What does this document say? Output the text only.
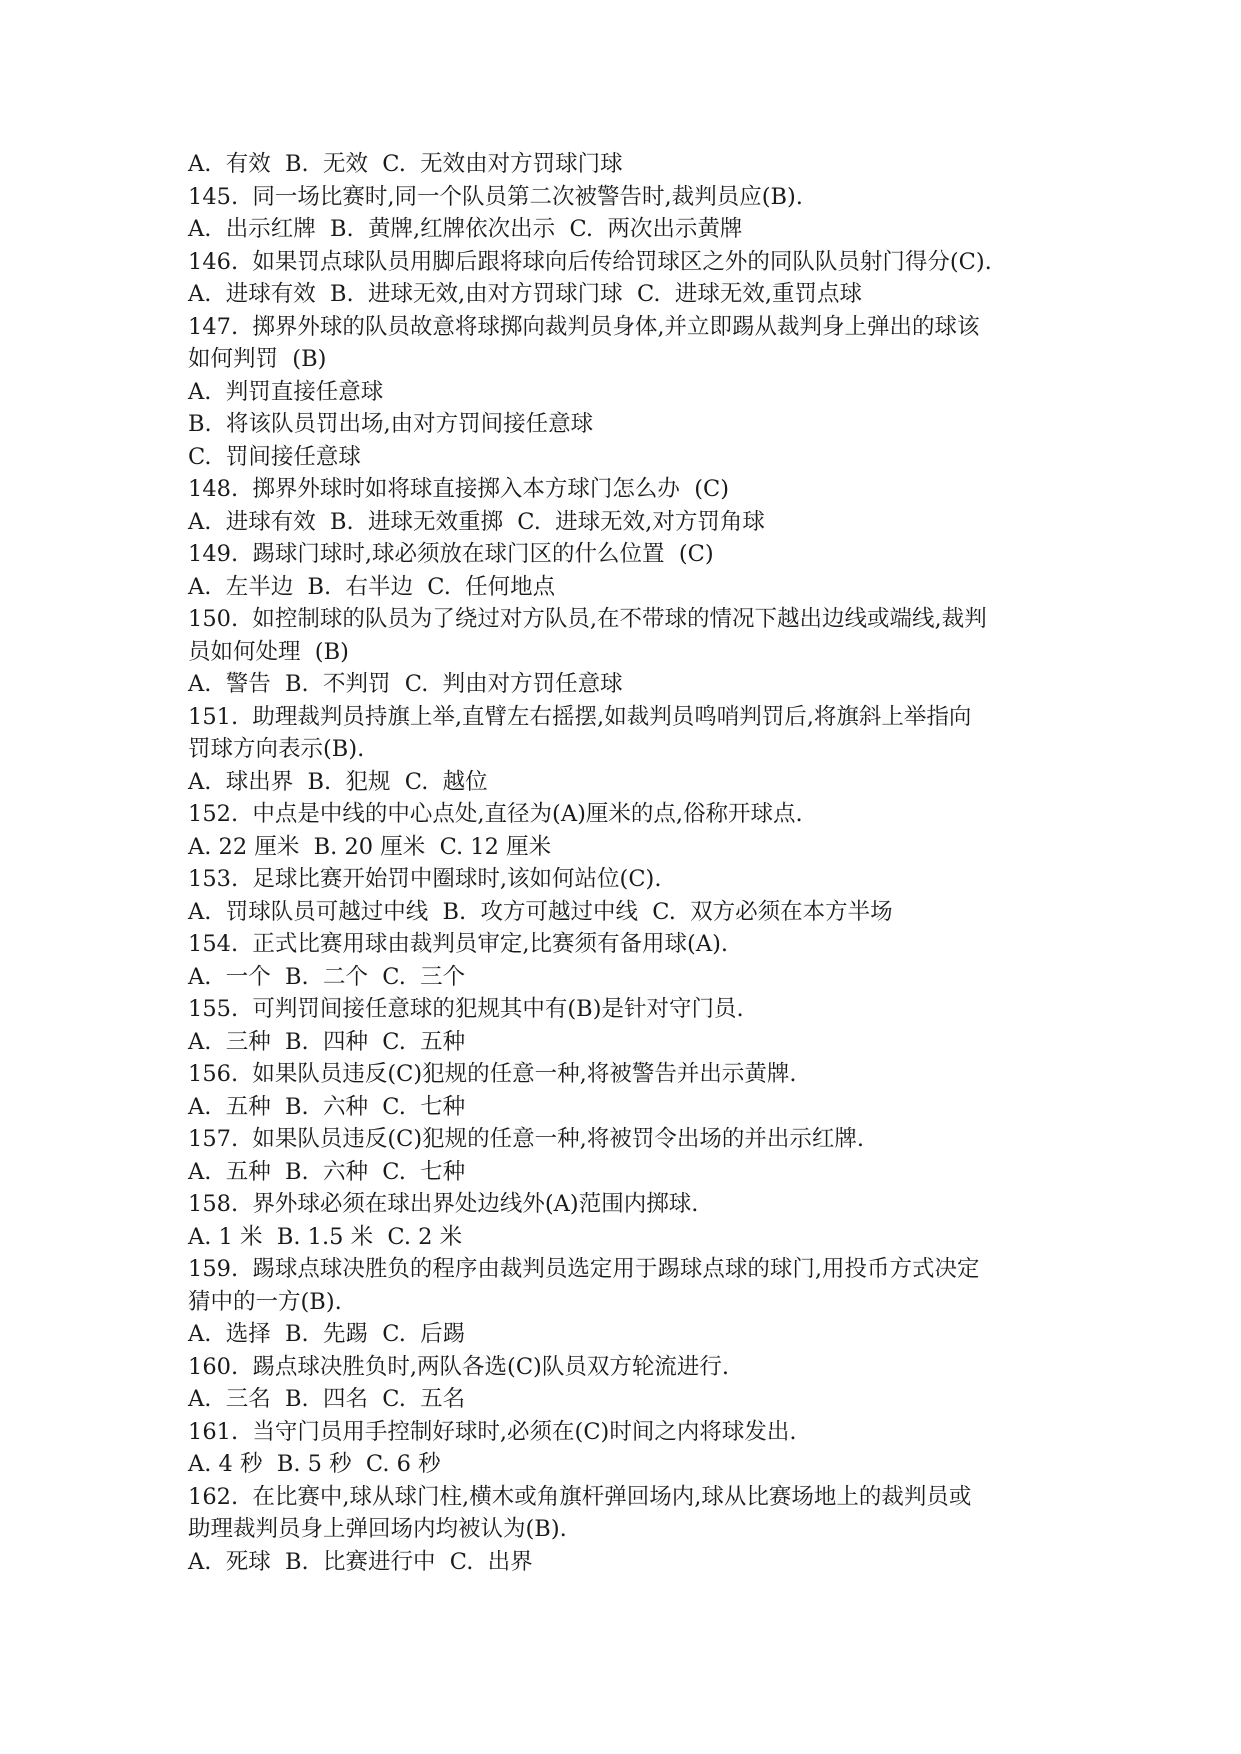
A.  有效  B.  无效  C.  无效由对方罚球门球

145.  同一场比赛时,同一个队员第二次被警告时,裁判员应(B).

A.  出示红牌  B.  黄牌,红牌依次出示  C.  两次出示黄牌

146.  如果罚点球队员用脚后跟将球向后传给罚球区之外的同队队员射门得分(C).

A.  进球有效  B.  进球无效,由对方罚球门球  C.  进球无效,重罚点球

147.  掷界外球的队员故意将球掷向裁判员身体,并立即踢从裁判身上弹出的球该

如何判罚  (B)

A.  判罚直接任意球

B.  将该队员罚出场,由对方罚间接任意球

C.  罚间接任意球

148.  掷界外球时如将球直接掷入本方球门怎么办  (C)

A.  进球有效  B.  进球无效重掷  C.  进球无效,对方罚角球

149.  踢球门球时,球必须放在球门区的什么位置  (C)

A.  左半边  B.  右半边  C.  任何地点

150.  如控制球的队员为了绕过对方队员,在不带球的情况下越出边线或端线,裁判

员如何处理  (B)

A.  警告  B.  不判罚  C.  判由对方罚任意球

151.  助理裁判员持旗上举,直臂左右摇摆,如裁判员鸣哨判罚后,将旗斜上举指向

罚球方向表示(B).

A.  球出界  B.  犯规  C.  越位

152.  中点是中线的中心点处,直径为(A)厘米的点,俗称开球点.

A. 22 厘米  B. 20 厘米  C. 12 厘米

153.  足球比赛开始罚中圈球时,该如何站位(C).

A.  罚球队员可越过中线  B.  攻方可越过中线  C.  双方必须在本方半场

154.  正式比赛用球由裁判员审定,比赛须有备用球(A).

A.  一个  B.  二个  C.  三个

155.  可判罚间接任意球的犯规其中有(B)是针对守门员.

A.  三种  B.  四种  C.  五种

156.  如果队员违反(C)犯规的任意一种,将被警告并出示黄牌.

A.  五种  B.  六种  C.  七种

157.  如果队员违反(C)犯规的任意一种,将被罚令出场的并出示红牌.

A.  五种  B.  六种  C.  七种

158.  界外球必须在球出界处边线外(A)范围内掷球.

A. 1 米  B. 1.5 米  C. 2 米

159.  踢球点球决胜负的程序由裁判员选定用于踢球点球的球门,用投币方式决定

猜中的一方(B).

A.  选择  B.  先踢  C.  后踢

160.  踢点球决胜负时,两队各选(C)队员双方轮流进行.

A.  三名  B.  四名  C.  五名

161.  当守门员用手控制好球时,必须在(C)时间之内将球发出.

A. 4 秒  B. 5 秒  C. 6 秒

162.  在比赛中,球从球门柱,横木或角旗杆弹回场内,球从比赛场地上的裁判员或

助理裁判员身上弹回场内均被认为(B).

A.  死球  B.  比赛进行中  C.  出界
